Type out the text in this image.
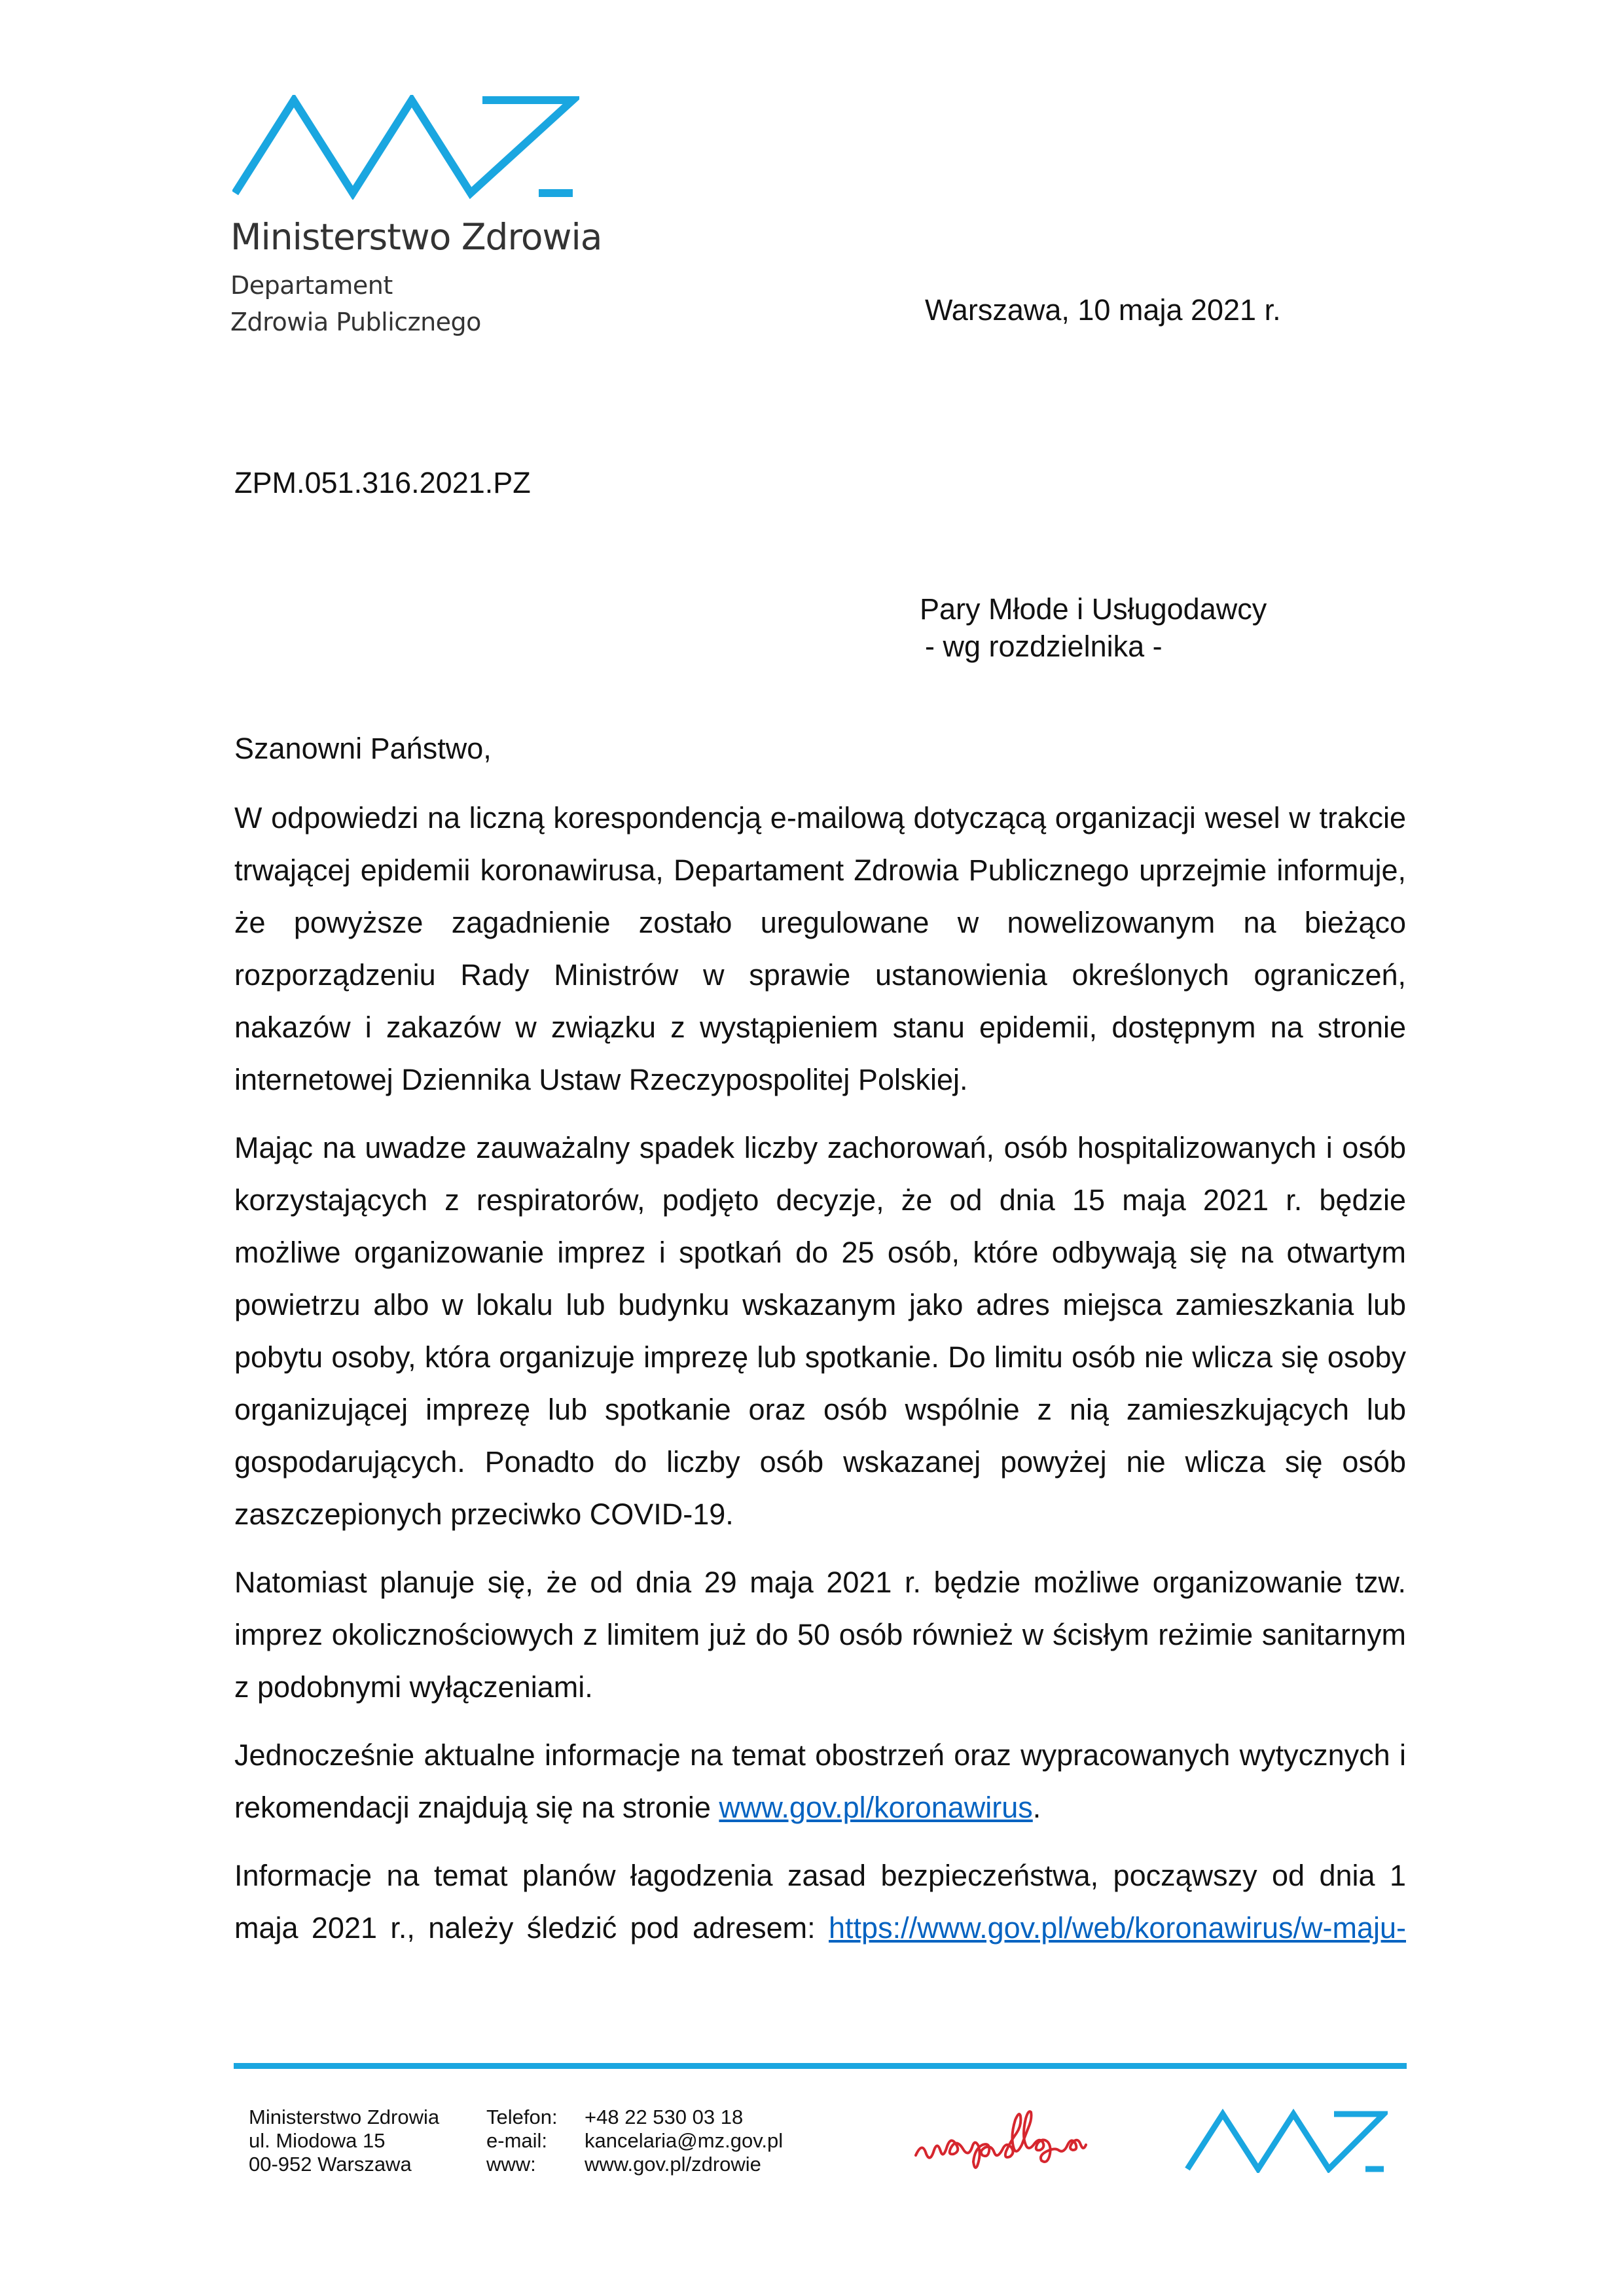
Ministerstwo Zdrowia
Departament
Zdrowia Publicznego	Warszawa, 10 maja 2021 r.
ZPM.051.316.2021.PZ
Pary Młode i Usługodawcy
- wg rozdzielnika -
Szanowni Państwo,

W odpowiedzi na liczną korespondencją e-mailową dotyczącą organizacji wesel w trakcie trwającej epidemii koronawirusa, Departament Zdrowia Publicznego uprzejmie informuje, że powyższe zagadnienie zostało uregulowane w nowelizowanym na bieżąco rozporządzeniu Rady Ministrów w sprawie ustanowienia określonych ograniczeń, nakazów i zakazów w związku z wystąpieniem stanu epidemii, dostępnym na stronie internetowej Dziennika Ustaw Rzeczypospolitej Polskiej.

Mając na uwadze zauważalny spadek liczby zachorowań, osób hospitalizowanych i osób korzystających z respiratorów, podjęto decyzje, że od dnia 15 maja 2021 r. będzie możliwe organizowanie imprez i spotkań do 25 osób, które odbywają się na otwartym powietrzu albo w lokalu lub budynku wskazanym jako adres miejsca zamieszkania lub pobytu osoby, która organizuje imprezę lub spotkanie. Do limitu osób nie wlicza się osoby organizującej imprezę lub spotkanie oraz osób wspólnie z nią zamieszkujących lub gospodarujących. Ponadto do liczby osób wskazanej powyżej nie wlicza się osób zaszczepionych przeciwko COVID-19.

Natomiast planuje się, że od dnia 29 maja 2021 r. będzie możliwe organizowanie tzw. imprez okolicznościowych z limitem już do 50 osób również w ścisłym reżimie sanitarnym z podobnymi wyłączeniami.

Jednocześnie aktualne informacje na temat obostrzeń oraz wypracowanych wytycznych i rekomendacji znajdują się na stronie www.gov.pl/koronawirus.

Informacje na temat planów łagodzenia zasad bezpieczeństwa, począwszy od dnia 1 maja 2021 r., należy śledzić pod adresem: https://www.gov.pl/web/koronawirus/w-maju-

Ministerstwo Zdrowia
ul. Miodowa 15
00-952 Warszawa
Telefon:
e-mail:
www:
+48 22 530 03 18
kancelaria@mz.gov.pl
www.gov.pl/zdrowie
